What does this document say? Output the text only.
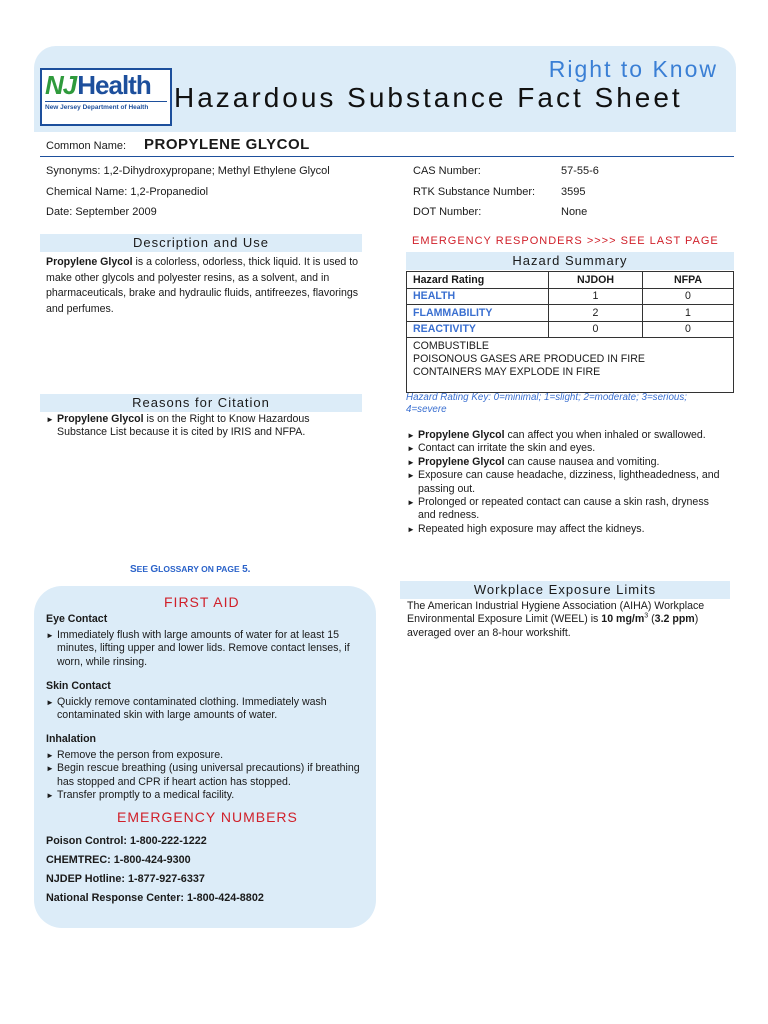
NJ Health
New Jersey Department of Health
Right to Know
Hazardous Substance Fact Sheet
Common Name:	PROPYLENE GLYCOL
Synonyms: 1,2-Dihydroxypropane; Methyl Ethylene Glycol
Chemical Name: 1,2-Propanediol
Date: September 2009
CAS Number:	57-55-6
RTK Substance Number:	3595
DOT Number:	None
Description and Use
Propylene Glycol is a colorless, odorless, thick liquid. It is used to make other glycols and polyester resins, as a solvent, and in pharmaceuticals, brake and hydraulic fluids, antifreezes, flavorings and perfumes.
Reasons for Citation
► Propylene Glycol is on the Right to Know Hazardous Substance List because it is cited by IRIS and NFPA.
SEE GLOSSARY ON PAGE 5.
EMERGENCY RESPONDERS >>>> SEE LAST PAGE
Hazard Summary
Hazard Rating	NJDOH	NFPA
HEALTH	1	0
FLAMMABILITY	2	1
REACTIVITY	0	0

COMBUSTIBLE
POISONOUS GASES ARE PRODUCED IN FIRE
CONTAINERS MAY EXPLODE IN FIRE		
Hazard Rating Key: 0=minimal; 1=slight; 2=moderate; 3=serious; 4=severe
► Propylene Glycol can affect you when inhaled or swallowed.
► Contact can irritate the skin and eyes.
► Propylene Glycol can cause nausea and vomiting.
► Exposure can cause headache, dizziness, lightheadedness, and passing out.
► Prolonged or repeated contact can cause a skin rash, dryness and redness.
► Repeated high exposure may affect the kidneys.
Workplace Exposure Limits
The American Industrial Hygiene Association (AIHA) Workplace Environmental Exposure Limit (WEEL) is 10 $mg/m^3$ (3.2 ppm) averaged over an 8-hour workshift.
FIRST AID
Eye Contact
► Immediately flush with large amounts of water for at least 15 minutes, lifting upper and lower lids. Remove contact lenses, if worn, while rinsing.
Skin Contact
► Quickly remove contaminated clothing. Immediately wash contaminated skin with large amounts of water.
Inhalation
► Remove the person from exposure.
► Begin rescue breathing (using universal precautions) if breathing has stopped and CPR if heart action has stopped.
► Transfer promptly to a medical facility.
EMERGENCY NUMBERS
Poison Control: 1-800-222-1222
CHEMTREC: 1-800-424-9300
NJDEP Hotline: 1-877-927-6337
National Response Center: 1-800-424-8802
